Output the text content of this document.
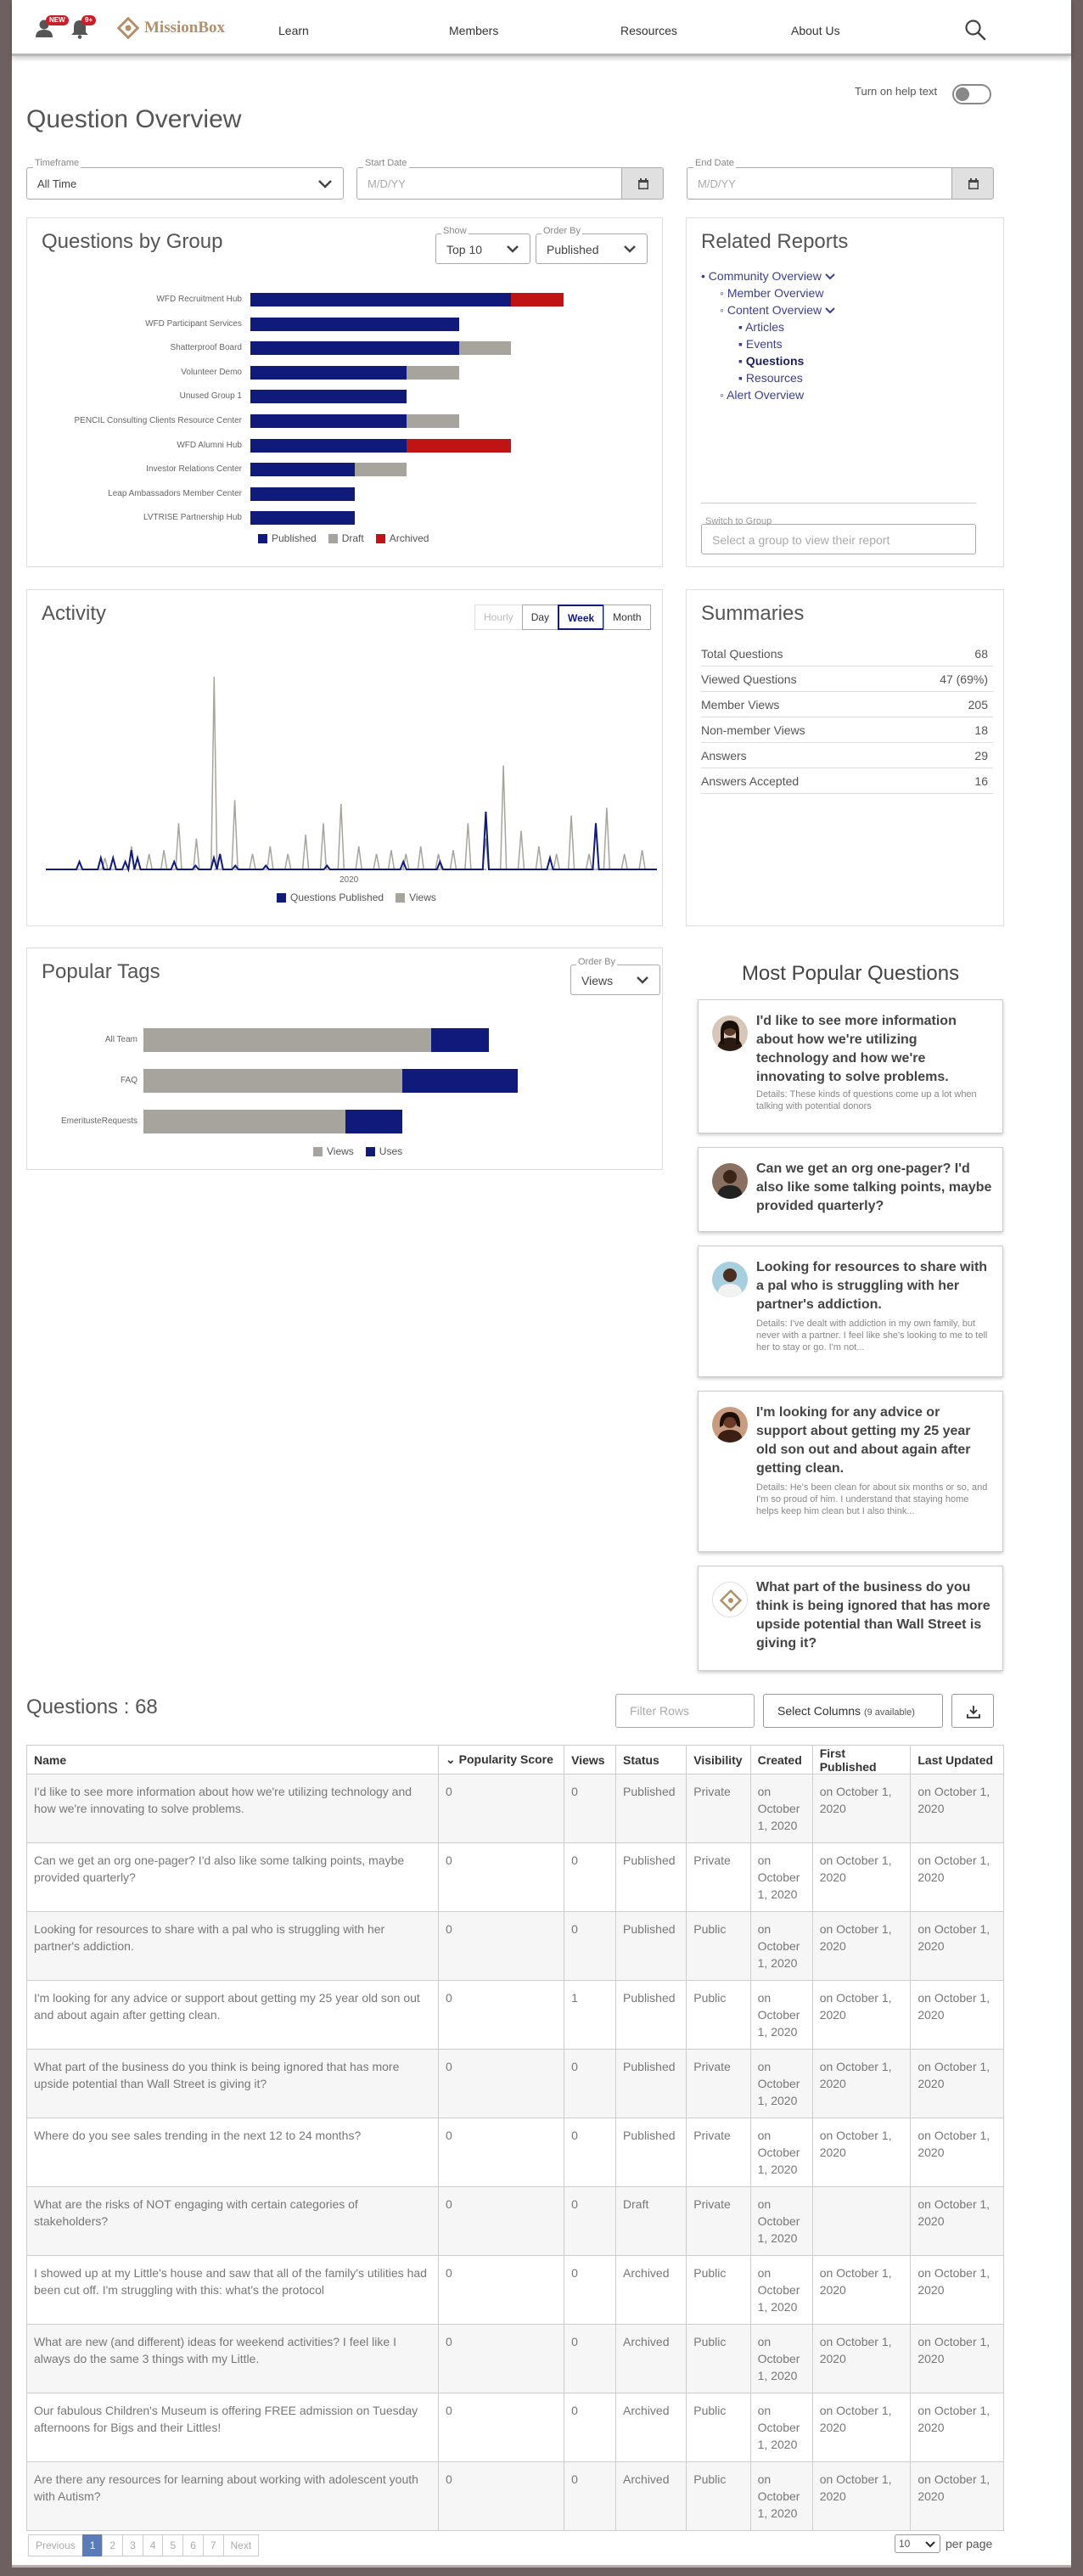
NEW	9+	MissionBox	Learn	Members	Resources	About Us
Turn on help text
Question Overview
All Time
Timeframe
M/D/YY
Start Date
M/D/YY
End Date
Questions by Group	Top 10
Show
Published
Order By
WFD Recruitment Hub
WFD Participant Services
Shatterproof Board
Volunteer Demo
Unused Group 1
PENCIL Consulting Clients Resource Center
WFD Alumni Hub
Investor Relations Center
Leap Ambassadors Member Center
LVTRISE Partnership Hub
Published	Draft	Archived
Related Reports
• Community Overview
◦ Member Overview
◦ Content Overview
▪ Articles
▪ Events
▪ Questions
▪ Resources
◦ Alert Overview
Switch to Group
Select a group to view their report
Activity	Hourly	Day	Week	Month
2020
Questions Published	Views
Summaries
Total Questions	68
Viewed Questions	47 (69%)
Member Views	205
Non-member Views	18
Answers	29
Answers Accepted	16
Popular Tags	Views
Order By
All Team
FAQ
EmeritusteRequests
Views	Uses
Most Popular Questions
I'd like to see more information about how we're utilizing technology and how we're innovating to solve problems.
Details: These kinds of questions come up a lot when talking with potential donors
Can we get an org one-pager? I'd also like some talking points, maybe provided quarterly?
Looking for resources to share with a pal who is struggling with her partner's addiction.
Details: I've dealt with addiction in my own family, but never with a partner. I feel like she's looking to me to tell her to stay or go. I'm not...
I'm looking for any advice or support about getting my 25 year old son out and about again after getting clean.
Details: He's been clean for about six months or so, and I'm so proud of him. I understand that staying home helps keep him clean but I also think...
What part of the business do you think is being ignored that has more upside potential than Wall Street is giving it?
Questions : 68	Filter Rows	Select Columns (9 available)
Name	⌄ Popularity Score	Views	Status	Visibility	Created	First Published	Last Updated
I'd like to see more information about how we're utilizing technology and how we're innovating to solve problems.	0	0	Published	Private	on October 1, 2020	on October 1, 2020	on October 1, 2020
Can we get an org one-pager? I'd also like some talking points, maybe provided quarterly?	0	0	Published	Private	on October 1, 2020	on October 1, 2020	on October 1, 2020
Looking for resources to share with a pal who is struggling with her partner's addiction.	0	0	Published	Public	on October 1, 2020	on October 1, 2020	on October 1, 2020
I'm looking for any advice or support about getting my 25 year old son out and about again after getting clean.	0	1	Published	Public	on October 1, 2020	on October 1, 2020	on October 1, 2020
What part of the business do you think is being ignored that has more upside potential than Wall Street is giving it?	0	0	Published	Private	on October 1, 2020	on October 1, 2020	on October 1, 2020
Where do you see sales trending in the next 12 to 24 months?	0	0	Published	Private	on October 1, 2020	on October 1, 2020	on October 1, 2020
What are the risks of NOT engaging with certain categories of stakeholders?	0	0	Draft	Private	on October 1, 2020		on October 1, 2020
I showed up at my Little's house and saw that all of the family's utilities had been cut off. I'm struggling with this: what's the protocol	0	0	Archived	Public	on October 1, 2020	on October 1, 2020	on October 1, 2020
What are new (and different) ideas for weekend activities? I feel like I always do the same 3 things with my Little.	0	0	Archived	Public	on October 1, 2020	on October 1, 2020	on October 1, 2020
Our fabulous Children's Museum is offering FREE admission on Tuesday afternoons for Bigs and their Littles!	0	0	Archived	Public	on October 1, 2020	on October 1, 2020	on October 1, 2020
Are there any resources for learning about working with adolescent youth with Autism?	0	0	Archived	Public	on October 1, 2020	on October 1, 2020	on October 1, 2020
Previous	1	2	3	4	5	6	7	Next	10	per page
